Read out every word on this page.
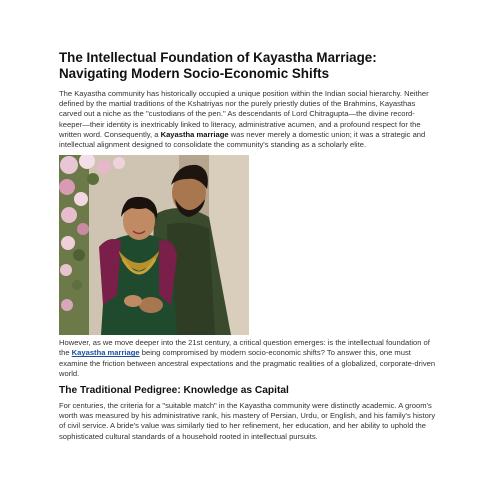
The Intellectual Foundation of Kayastha Marriage: Navigating Modern Socio-Economic Shifts

The Kayastha community has historically occupied a unique position within the Indian social hierarchy. Neither defined by the martial traditions of the Kshatriyas nor the purely priestly duties of the Brahmins, Kayasthas carved out a niche as the "custodians of the pen." As descendants of Lord Chitragupta—the divine record-keeper—their identity is inextricably linked to literacy, administrative acumen, and a profound respect for the written word. Consequently, a Kayastha marriage was never merely a domestic union; it was a strategic and intellectual alignment designed to consolidate the community's standing as a scholarly elite.

However, as we move deeper into the 21st century, a critical question emerges: is the intellectual foundation of the Kayastha marriage being compromised by modern socio-economic shifts? To answer this, one must examine the friction between ancestral expectations and the pragmatic realities of a globalized, corporate-driven world.

The Traditional Pedigree: Knowledge as Capital

For centuries, the criteria for a "suitable match" in the Kayastha community were distinctly academic. A groom's worth was measured by his administrative rank, his mastery of Persian, Urdu, or English, and his family's history of civil service. A bride's value was similarly tied to her refinement, her education, and her ability to uphold the sophisticated cultural standards of a household rooted in intellectual pursuits.
